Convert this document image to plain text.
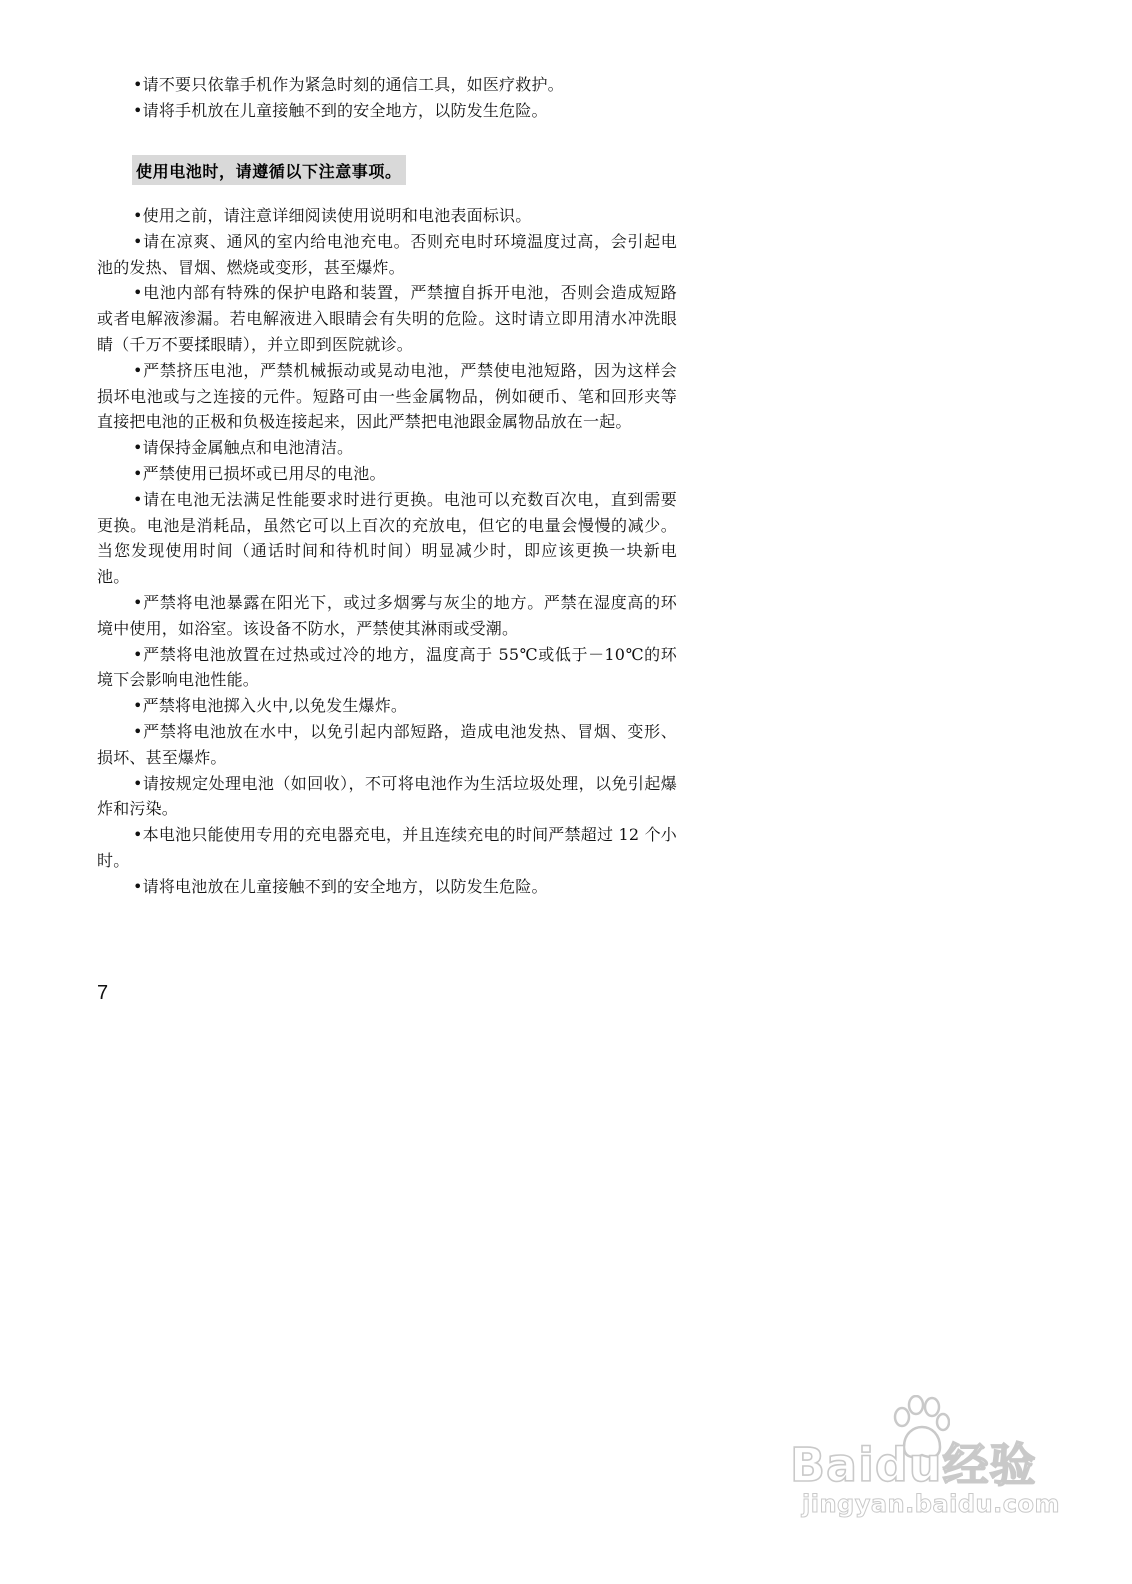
•请不要只依靠手机作为紧急时刻的通信工具，如医疗救护。

•请将手机放在儿童接触不到的安全地方，以防发生危险。

使用电池时，请遵循以下注意事项。

•使用之前，请注意详细阅读使用说明和电池表面标识。

•请在凉爽、通风的室内给电池充电。否则充电时环境温度过高，会引起电池的发热、冒烟、燃烧或变形，甚至爆炸。

•电池内部有特殊的保护电路和装置，严禁擅自拆开电池，否则会造成短路或者电解液渗漏。若电解液进入眼睛会有失明的危险。这时请立即用清水冲洗眼睛（千万不要揉眼睛），并立即到医院就诊。

•严禁挤压电池，严禁机械振动或晃动电池，严禁使电池短路，因为这样会损坏电池或与之连接的元件。短路可由一些金属物品，例如硬币、笔和回形夹等直接把电池的正极和负极连接起来，因此严禁把电池跟金属物品放在一起。

•请保持金属触点和电池清洁。

•严禁使用已损坏或已用尽的电池。

•请在电池无法满足性能要求时进行更换。电池可以充数百次电，直到需要更换。电池是消耗品，虽然它可以上百次的充放电，但它的电量会慢慢的减少。当您发现使用时间（通话时间和待机时间）明显减少时，即应该更换一块新电池。

•严禁将电池暴露在阳光下，或过多烟雾与灰尘的地方。严禁在湿度高的环境中使用，如浴室。该设备不防水，严禁使其淋雨或受潮。

•严禁将电池放置在过热或过冷的地方，温度高于 55℃或低于－10℃的环境下会影响电池性能。

•严禁将电池掷入火中,以免发生爆炸。

•严禁将电池放在水中，以免引起内部短路，造成电池发热、冒烟、变形、损坏、甚至爆炸。

•请按规定处理电池（如回收），不可将电池作为生活垃圾处理，以免引起爆炸和污染。

•本电池只能使用专用的充电器充电，并且连续充电的时间严禁超过 12 个小时。

•请将电池放在儿童接触不到的安全地方，以防发生危险。

7
Baidu经验
jingyan.baidu.com
